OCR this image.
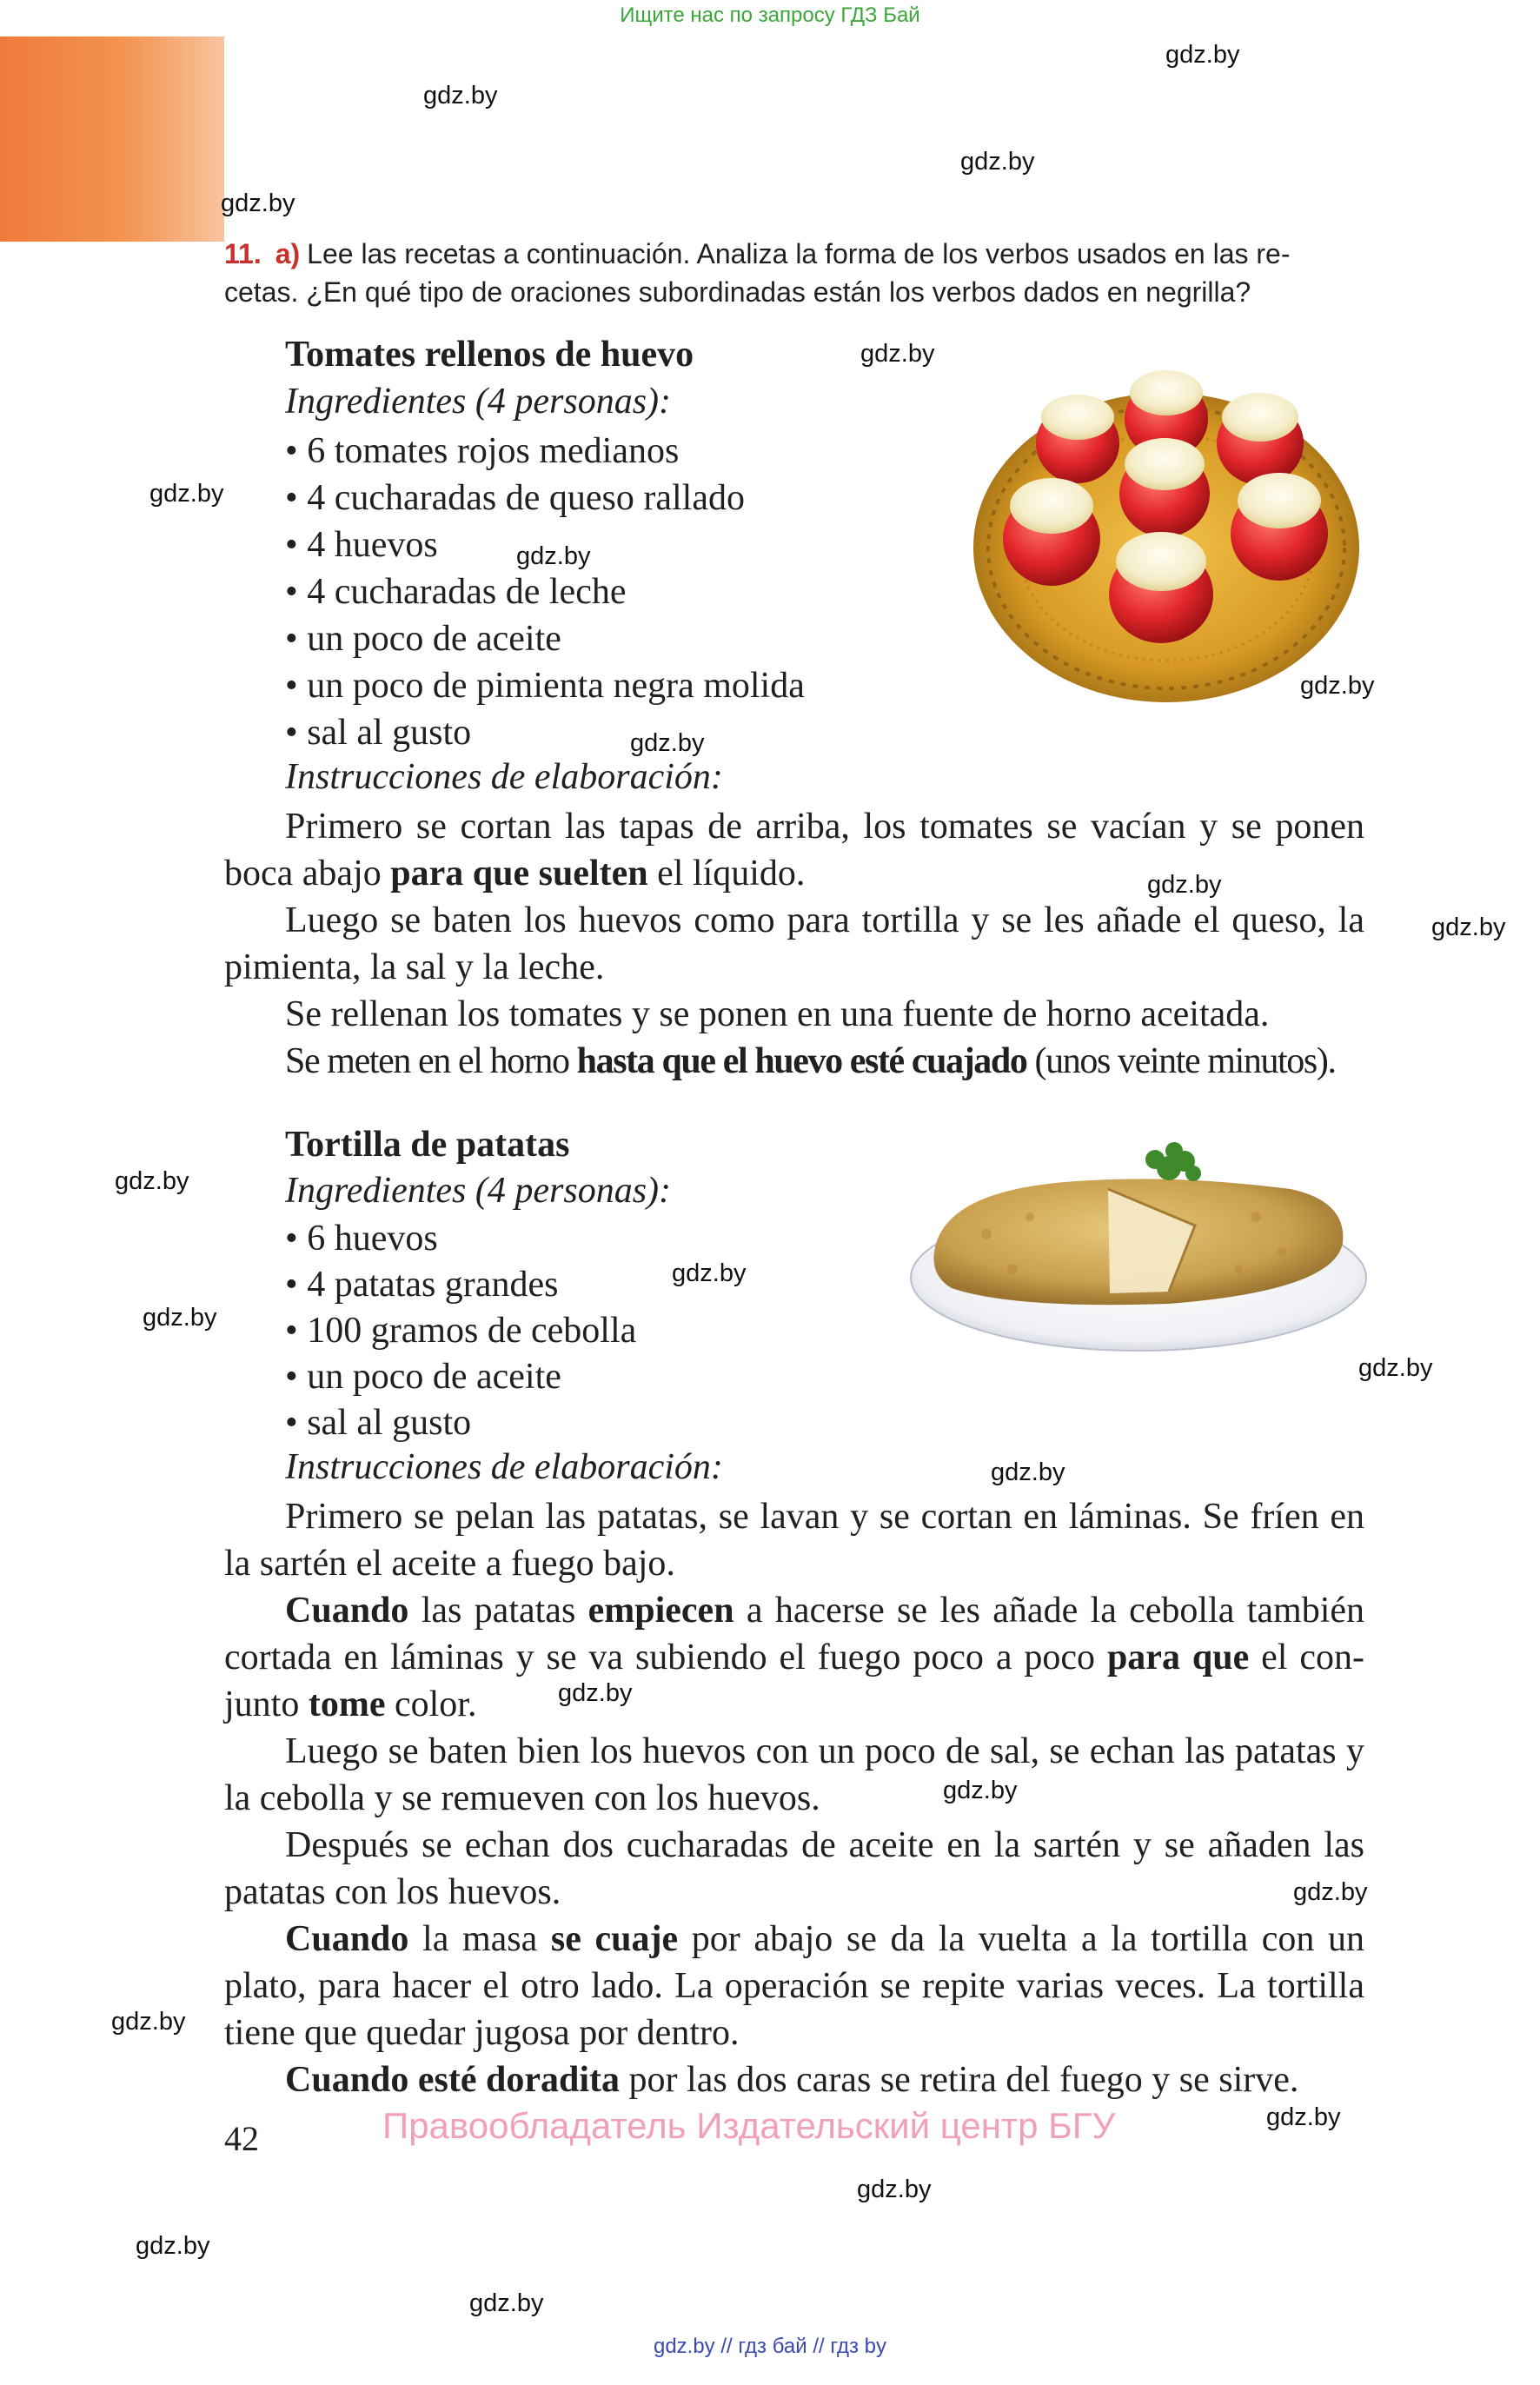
Ищите нас по запросу ГДЗ Бай
gdz.by
gdz.by
gdz.by
gdz.by
gdz.by
gdz.by
gdz.by
gdz.by
gdz.by
gdz.by
gdz.by
gdz.by
gdz.by
gdz.by
gdz.by
gdz.by
gdz.by
gdz.by
gdz.by
gdz.by
gdz.by
gdz.by
gdz.by
gdz.by
11. a) Lee las recetas a continuación. Analiza la forma de los verbos usados en las re-
cetas. ¿En qué tipo de oraciones subordinadas están los verbos dados en negrilla?
Tomates rellenos de huevo
Ingredientes (4 personas):
• 6 tomates rojos medianos
• 4 cucharadas de queso rallado
• 4 huevos
• 4 cucharadas de leche
• un poco de aceite
• un poco de pimienta negra molida
• sal al gusto
Instrucciones de elaboración:

Primero se cortan las tapas de arriba, los tomates se vacían y se ponen boca abajo para que suelten el líquido.

Luego se baten los huevos como para tortilla y se les añade el queso, la pimienta, la sal y la leche.

Se rellenan los tomates y se ponen en una fuente de horno aceitada.

Se meten en el horno hasta que el huevo esté cuajado (unos veinte minutos).

Tortilla de patatas
Ingredientes (4 personas):
• 6 huevos
• 4 patatas grandes
• 100 gramos de cebolla
• un poco de aceite
• sal al gusto
Instrucciones de elaboración:

Primero se pelan las patatas, se lavan y se cortan en láminas. Se fríen en la sartén el aceite a fuego bajo.

Cuando las patatas empiecen a hacerse se les añade la cebolla también cortada en láminas y se va subiendo el fuego poco a poco para que el conjunto tome color.

Luego se baten bien los huevos con un poco de sal, se echan las patatas y la cebolla y se remueven con los huevos.

Después se echan dos cucharadas de aceite en la sartén y se añaden las patatas con los huevos.

Cuando la masa se cuaje por abajo se da la vuelta a la tortilla con un plato, para hacer el otro lado. La operación se repite varias veces. La tortilla tiene que quedar jugosa por dentro.

Cuando esté doradita por las dos caras se retira del fuego y se sirve.

42	Правообладатель Издательский центр БГУ
gdz.by // гдз бай // гдз by
